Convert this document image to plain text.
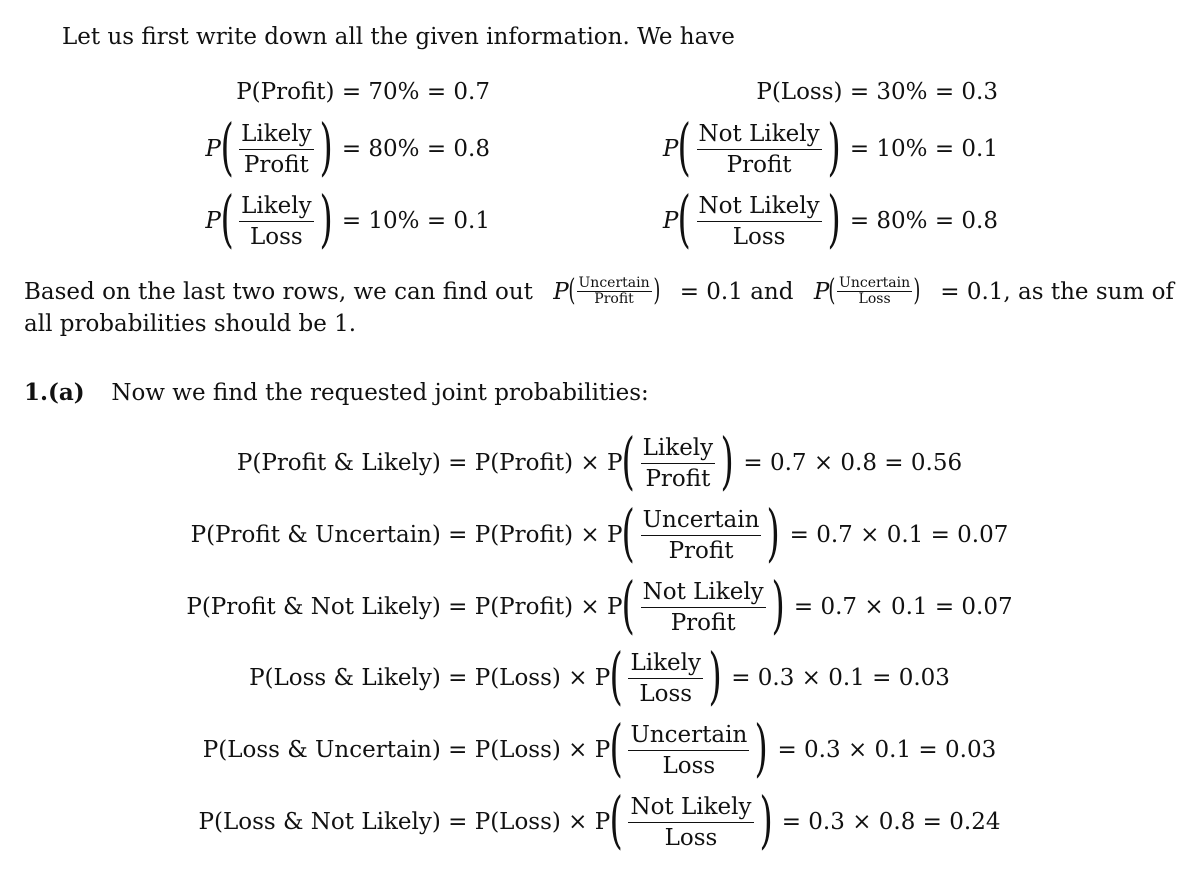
Let us first write down all the given information. We have
P(Profit) = 70% = 0.7	P(Loss) = 30% = 0.3
P ( $\frac{\text{Likely}}{\text{Profit}}$ ) = 80% = 0.8	P ( $\frac{\text{Not Likely}}{\text{Profit}}$ ) = 10% = 0.1
P ( $\frac{\text{Likely}}{\text{Loss}}$ ) = 10% = 0.1	P ( $\frac{\text{Not Likely}}{\text{Loss}}$ ) = 80% = 0.8
Based on the last two rows, we can find out P ( $\frac{\text{Uncertain}}{\text{Profit}}$ ) = 0.1 and P ( $\frac{\text{Uncertain}}{\text{Loss}}$ ) = 0.1, as the sum of
all probabilities should be 1.
1.(a) Now we find the requested joint probabilities:
P(Profit & Likely) = P(Profit) × P ( $\frac{\text{Likely}}{\text{Profit}}$ ) = 0.7 × 0.8 = 0.56
P(Profit & Uncertain) = P(Profit) × P ( $\frac{\text{Uncertain}}{\text{Profit}}$ ) = 0.7 × 0.1 = 0.07
P(Profit & Not Likely) = P(Profit) × P ( $\frac{\text{Not Likely}}{\text{Profit}}$ ) = 0.7 × 0.1 = 0.07
P(Loss & Likely) = P(Loss) × P ( $\frac{\text{Likely}}{\text{Loss}}$ ) = 0.3 × 0.1 = 0.03
P(Loss & Uncertain) = P(Loss) × P ( $\frac{\text{Uncertain}}{\text{Loss}}$ ) = 0.3 × 0.1 = 0.03
P(Loss & Not Likely) = P(Loss) × P ( $\frac{\text{Not Likely}}{\text{Loss}}$ ) = 0.3 × 0.8 = 0.24
